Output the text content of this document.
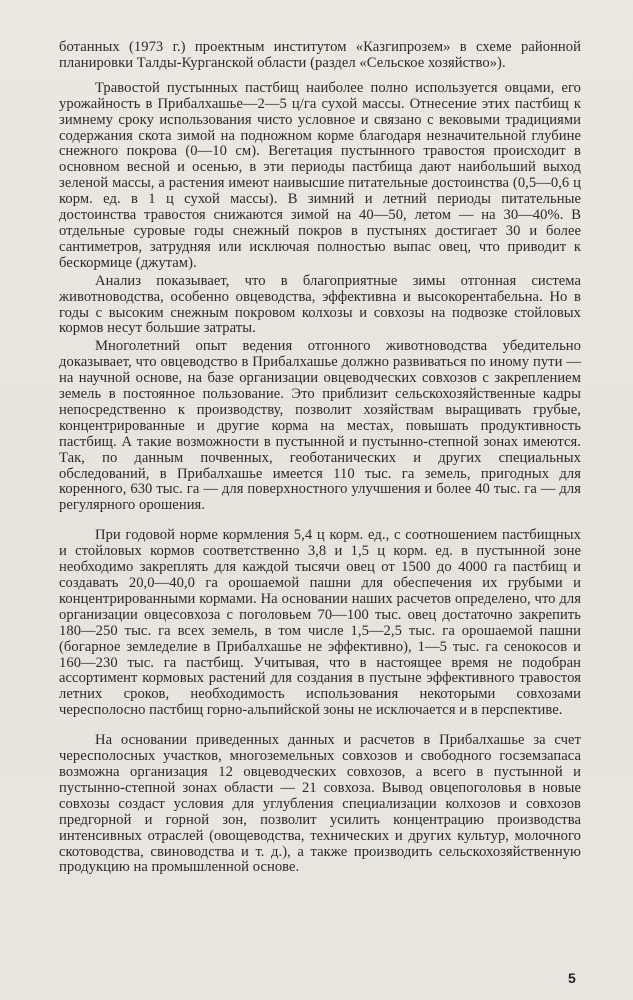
ботанных (1973 г.) проектным институтом «Казгипрозем» в схеме районной планировки Талды-Курганской области (раздел «Сельское хозяйство»).

Травостой пустынных пастбищ наиболее полно используется овцами, его урожайность в Прибалхашье—2—5 ц/га сухой массы. Отнесение этих пастбищ к зимнему сроку использования чисто условное и связано с вековыми традициями содержания скота зимой на подножном корме благодаря незначительной глубине снежного покрова (0—10 см). Вегетация пустынного травостоя происходит в основном весной и осенью, в эти периоды пастбища дают наибольший выход зеленой массы, а растения имеют наивысшие питательные достоинства (0,5—0,6 ц корм. ед. в 1 ц сухой массы). В зимний и летний периоды питательные достоинства травостоя снижаются зимой на 40—50, летом — на 30—40%. В отдельные суровые годы снежный покров в пустынях достигает 30 и более сантиметров, затрудняя или исключая полностью выпас овец, что приводит к бескормице (джутам).

Анализ показывает, что в благоприятные зимы отгонная система животноводства, особенно овцеводства, эффективна и высокорентабельна. Но в годы с высоким снежным покровом колхозы и совхозы на подвозке стойловых кормов несут большие затраты.

Многолетний опыт ведения отгонного животноводства убедительно доказывает, что овцеводство в Прибалхашье должно развиваться по иному пути — на научной основе, на базе организации овцеводческих совхозов с закреплением земель в постоянное пользование. Это приблизит сельскохозяйственные кадры непосредственно к производству, позволит хозяйствам выращивать грубые, концентрированные и другие корма на местах, повышать продуктивность пастбищ. А такие возможности в пустынной и пустынно-степной зонах имеются. Так, по данным почвенных, геоботанических и других специальных обследований, в Прибалхашье имеется 110 тыс. га земель, пригодных для коренного, 630 тыс. га — для поверхностного улучшения и более 40 тыс. га — для регулярного орошения.

При годовой норме кормления 5,4 ц корм. ед., с соотношением пастбищных и стойловых кормов соответственно 3,8 и 1,5 ц корм. ед. в пустынной зоне необходимо закреплять для каждой тысячи овец от 1500 до 4000 га пастбищ и создавать 20,0—40,0 га орошаемой пашни для обеспечения их грубыми и концентрированными кормами. На основании наших расчетов определено, что для организации овцесовхоза с поголовьем 70—100 тыс. овец достаточно закрепить 180—250 тыс. га всех земель, в том числе 1,5—2,5 тыс. га орошаемой пашни (богарное земледелие в Прибалхашье не эффективно), 1—5 тыс. га сенокосов и 160—230 тыс. га пастбищ. Учитывая, что в настоящее время не подобран ассортимент кормовых растений для создания в пустыне эффективного травостоя летних сроков, необходимость использования некоторыми совхозами чересполосно пастбищ горно-альпийской зоны не исключается и в перспективе.

На основании приведенных данных и расчетов в Прибалхашье за счет чересполосных участков, многоземельных совхозов и свободного госземзапаса возможна организация 12 овцеводческих совхозов, а всего в пустынной и пустынно-степной зонах области — 21 совхоза. Вывод овцепоголовья в новые совхозы создаст условия для углубления специализации колхозов и совхозов предгорной и горной зон, позволит усилить концентрацию производства интенсивных отраслей (овощеводства, технических и других культур, молочного скотоводства, свиноводства и т. д.), а также производить сельскохозяйственную продукцию на промышленной основе.

5
